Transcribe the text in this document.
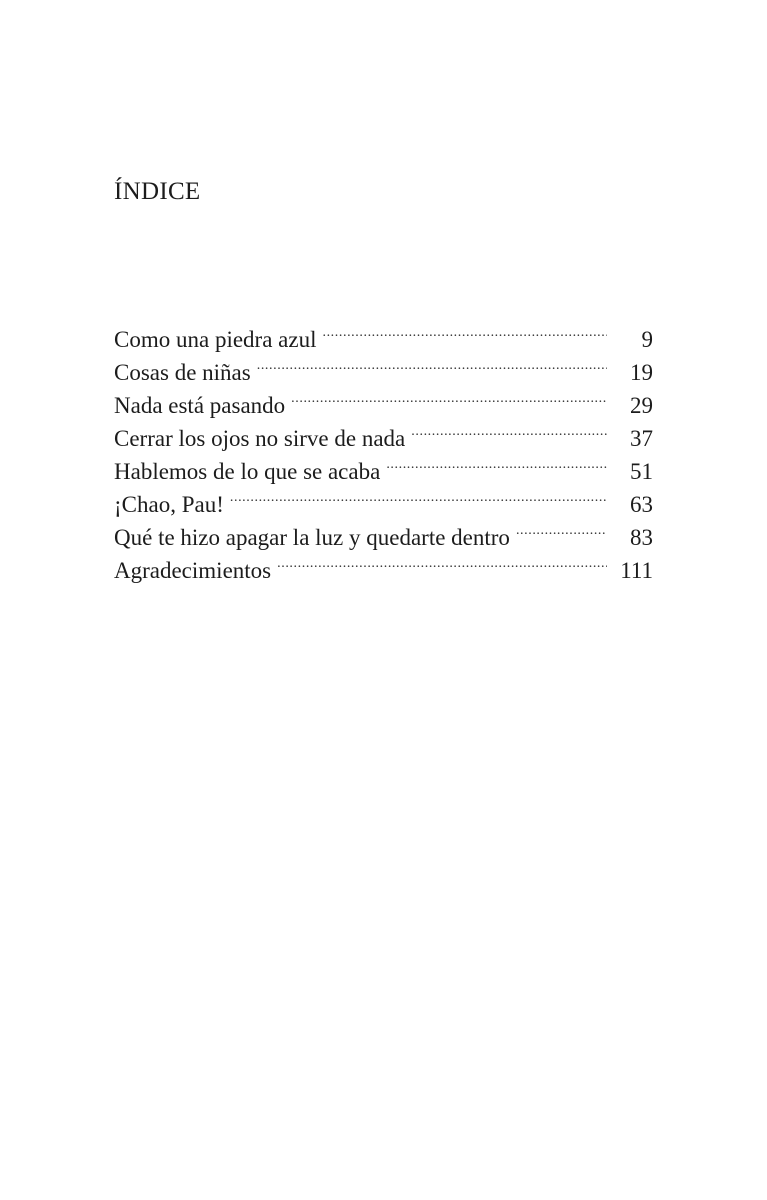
ÍNDICE
Como una piedra azul .....	9
Cosas de niñas .....	19
Nada está pasando .....	29
Cerrar los ojos no sirve de nada .....	37
Hablemos de lo que se acaba .....	51
¡Chao, Pau! .....	63
Qué te hizo apagar la luz y quedarte dentro .....	83
Agradecimientos .....	111
